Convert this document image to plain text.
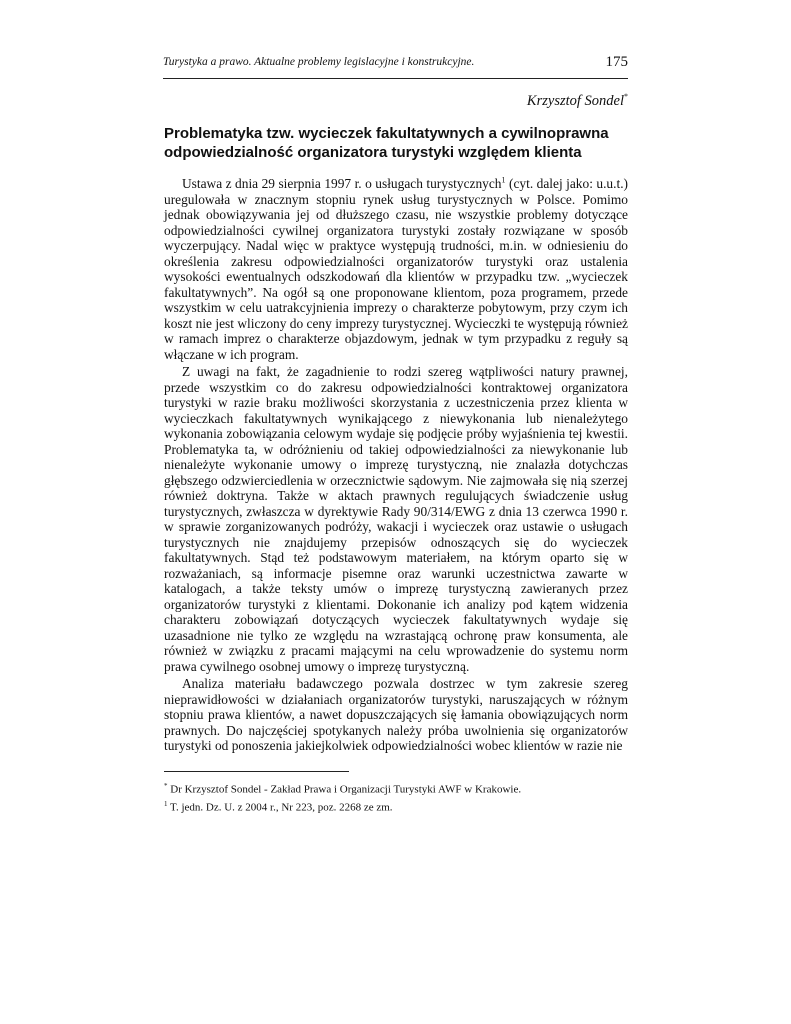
Turystyka a prawo. Aktualne problemy legislacyjne i konstrukcyjne.	175
Krzysztof Sondel*
Problematyka tzw. wycieczek fakultatywnych a cywilnoprawna odpowiedzialność organizatora turystyki względem klienta

Ustawa z dnia 29 sierpnia 1997 r. o usługach turystycznych$^1$ (cyt. dalej jako: u.u.t.) uregulowała w znacznym stopniu rynek usług turystycznych w Polsce. Pomimo jednak obowiązywania jej od dłuższego czasu, nie wszystkie problemy dotyczące odpowiedzialności cywilnej organizatora turystyki zostały rozwiązane w sposób wyczerpujący. Nadal więc w praktyce występują trudności, m.in. w odniesieniu do określenia zakresu odpowiedzialności organizatorów turystyki oraz ustalenia wysokości ewentualnych odszkodowań dla klientów w przypadku tzw. „wycieczek fakultatywnych”. Na ogół są one proponowane klientom, poza programem, przede wszystkim w celu uatrakcyjnienia imprezy o charakterze pobytowym, przy czym ich koszt nie jest wliczony do ceny imprezy turystycznej. Wycieczki te występują również w ramach imprez o charakterze objazdowym, jednak w tym przypadku z reguły są włączane w ich program.

Z uwagi na fakt, że zagadnienie to rodzi szereg wątpliwości natury prawnej, przede wszystkim co do zakresu odpowiedzialności kontraktowej organizatora turystyki w razie braku możliwości skorzystania z uczestniczenia przez klienta w wycieczkach fakultatywnych wynikającego z niewykonania lub nienależytego wykonania zobowiązania celowym wydaje się podjęcie próby wyjaśnienia tej kwestii. Problematyka ta, w odróżnieniu od takiej odpowiedzialności za niewykonanie lub nienależyte wykonanie umowy o imprezę turystyczną, nie znalazła dotychczas głębszego odzwierciedlenia w orzecznictwie sądowym. Nie zajmowała się nią szerzej również doktryna. Także w aktach prawnych regulujących świadczenie usług turystycznych, zwłaszcza w dyrektywie Rady 90/314/EWG z dnia 13 czerwca 1990 r. w sprawie zorganizowanych podróży, wakacji i wycieczek oraz ustawie o usługach turystycznych nie znajdujemy przepisów odnoszących się do wycieczek fakultatywnych. Stąd też podstawowym materiałem, na którym oparto się w rozważaniach, są informacje pisemne oraz warunki uczestnictwa zawarte w katalogach, a także teksty umów o imprezę turystyczną zawieranych przez organizatorów turystyki z klientami. Dokonanie ich analizy pod kątem widzenia charakteru zobowiązań dotyczących wycieczek fakultatywnych wydaje się uzasadnione nie tylko ze względu na wzrastającą ochronę praw konsumenta, ale również w związku z pracami mającymi na celu wprowadzenie do systemu norm prawa cywilnego osobnej umowy o imprezę turystyczną.

Analiza materiału badawczego pozwala dostrzec w tym zakresie szereg nieprawidłowości w działaniach organizatorów turystyki, naruszających w różnym stopniu prawa klientów, a nawet dopuszczających się łamania obowiązujących norm prawnych. Do najczęściej spotykanych należy próba uwolnienia się organizatorów turystyki od ponoszenia jakiejkolwiek odpowiedzialności wobec klientów w razie nie

* Dr Krzysztof Sondel - Zakład Prawa i Organizacji Turystyki AWF w Krakowie.

$^1$ T. jedn. Dz. U. z 2004 r., Nr 223, poz. 2268 ze zm.
